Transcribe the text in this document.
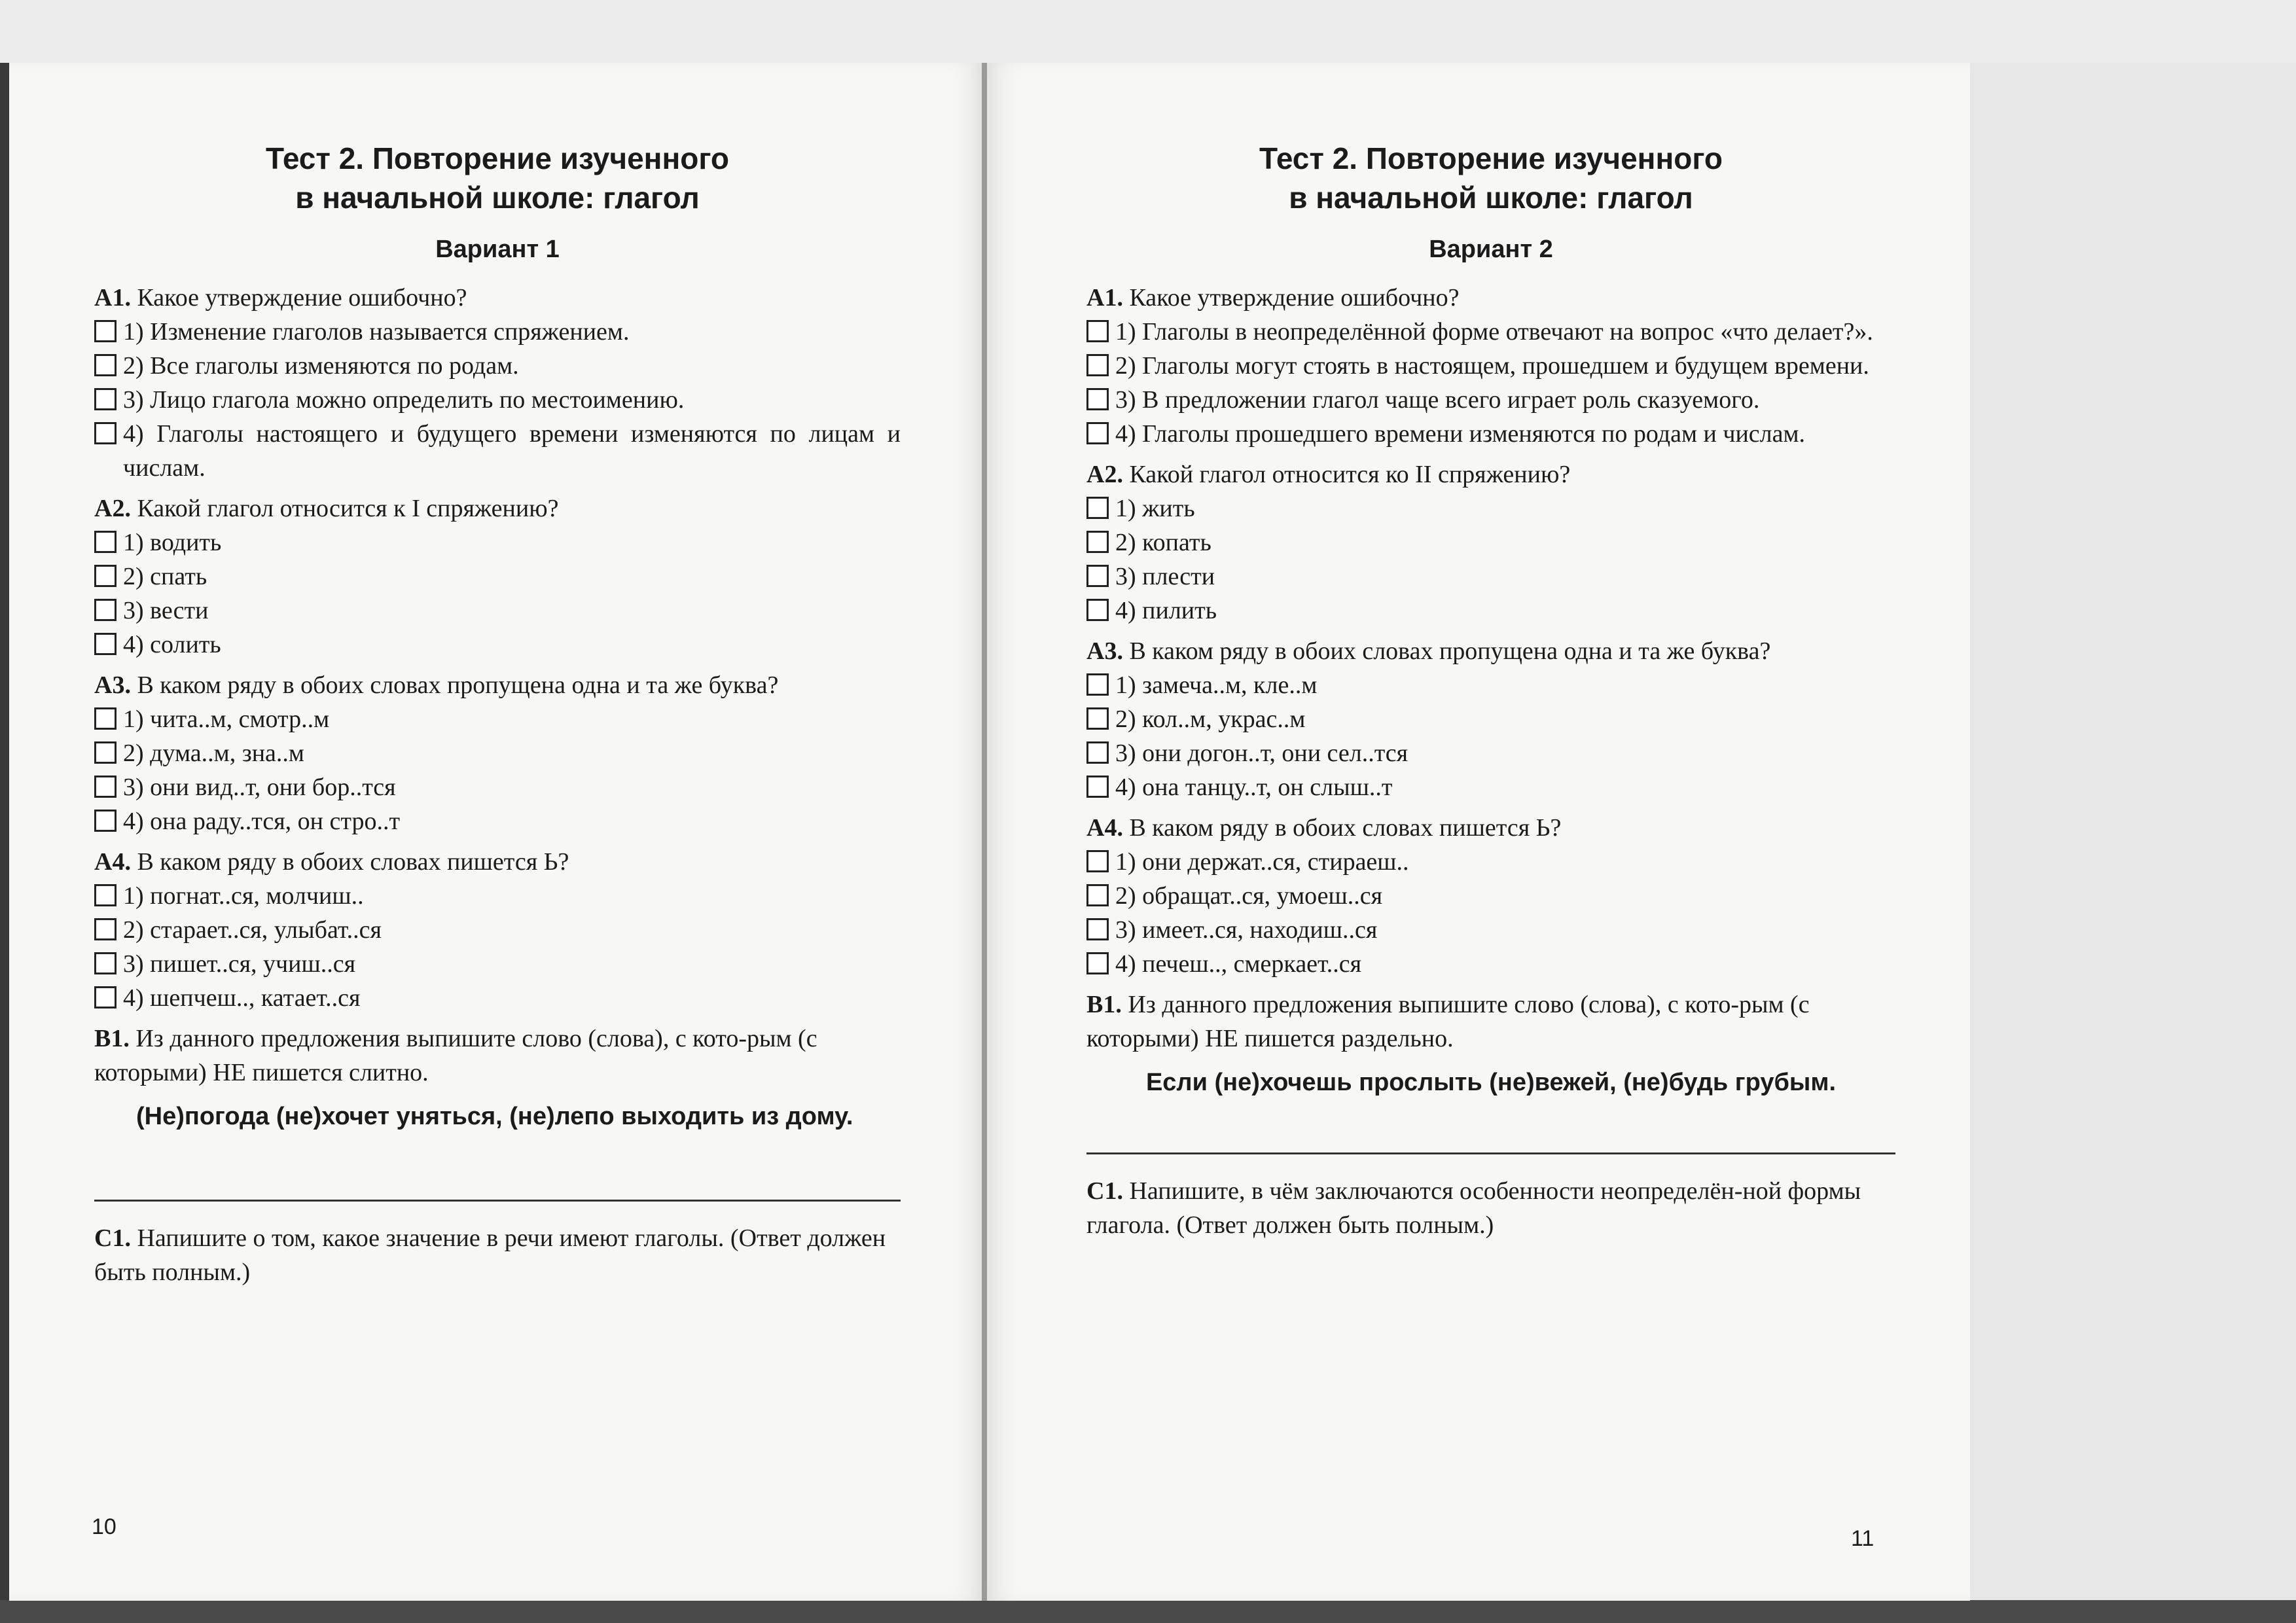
Тест 2. Повторение изученного

в начальной школе: глагол

Вариант 1

А1. Какое утверждение ошибочно?

1) Изменение глаголов называется спряжением.
2) Все глаголы изменяются по родам.
3) Лицо глагола можно определить по местоимению.
4) Глаголы настоящего и будущего времени изменяются по лицам и числам.

А2. Какой глагол относится к I спряжению?

1) водить
2) спать
3) вести
4) солить

А3. В каком ряду в обоих словах пропущена одна и та же буква?

1) чита..м, смотр..м
2) дума..м, зна..м
3) они вид..т, они бор..тся
4) она раду..тся, он стро..т

А4. В каком ряду в обоих словах пишется Ь?

1) погнат..ся, молчиш..
2) старает..ся, улыбат..ся
3) пишет..ся, учиш..ся
4) шепчеш.., катает..ся

В1. Из данного предложения выпишите слово (слова), с кото-рым (с которыми) НЕ пишется слитно.

(Не)погода (не)хочет уняться, (не)лепо выходить из дому.

С1. Напишите о том, какое значение в речи имеют глаголы. (Ответ должен быть полным.)

10

Тест 2. Повторение изученного

в начальной школе: глагол

Вариант 2

А1. Какое утверждение ошибочно?

1) Глаголы в неопределённой форме отвечают на вопрос «что делает?».
2) Глаголы могут стоять в настоящем, прошедшем и будущем времени.
3) В предложении глагол чаще всего играет роль сказуемого.
4) Глаголы прошедшего времени изменяются по родам и числам.

А2. Какой глагол относится ко II спряжению?

1) жить
2) копать
3) плести
4) пилить

А3. В каком ряду в обоих словах пропущена одна и та же буква?

1) замеча..м, кле..м
2) кол..м, украс..м
3) они догон..т, они сел..тся
4) она танцу..т, он слыш..т

А4. В каком ряду в обоих словах пишется Ь?

1) они держат..ся, стираеш..
2) обращат..ся, умоеш..ся
3) имеет..ся, находиш..ся
4) печеш.., смеркает..ся

В1. Из данного предложения выпишите слово (слова), с кото-рым (с которыми) НЕ пишется раздельно.

Если (не)хочешь прослыть (не)вежей, (не)будь грубым.

С1. Напишите, в чём заключаются особенности неопределён-ной формы глагола. (Ответ должен быть полным.)

11
